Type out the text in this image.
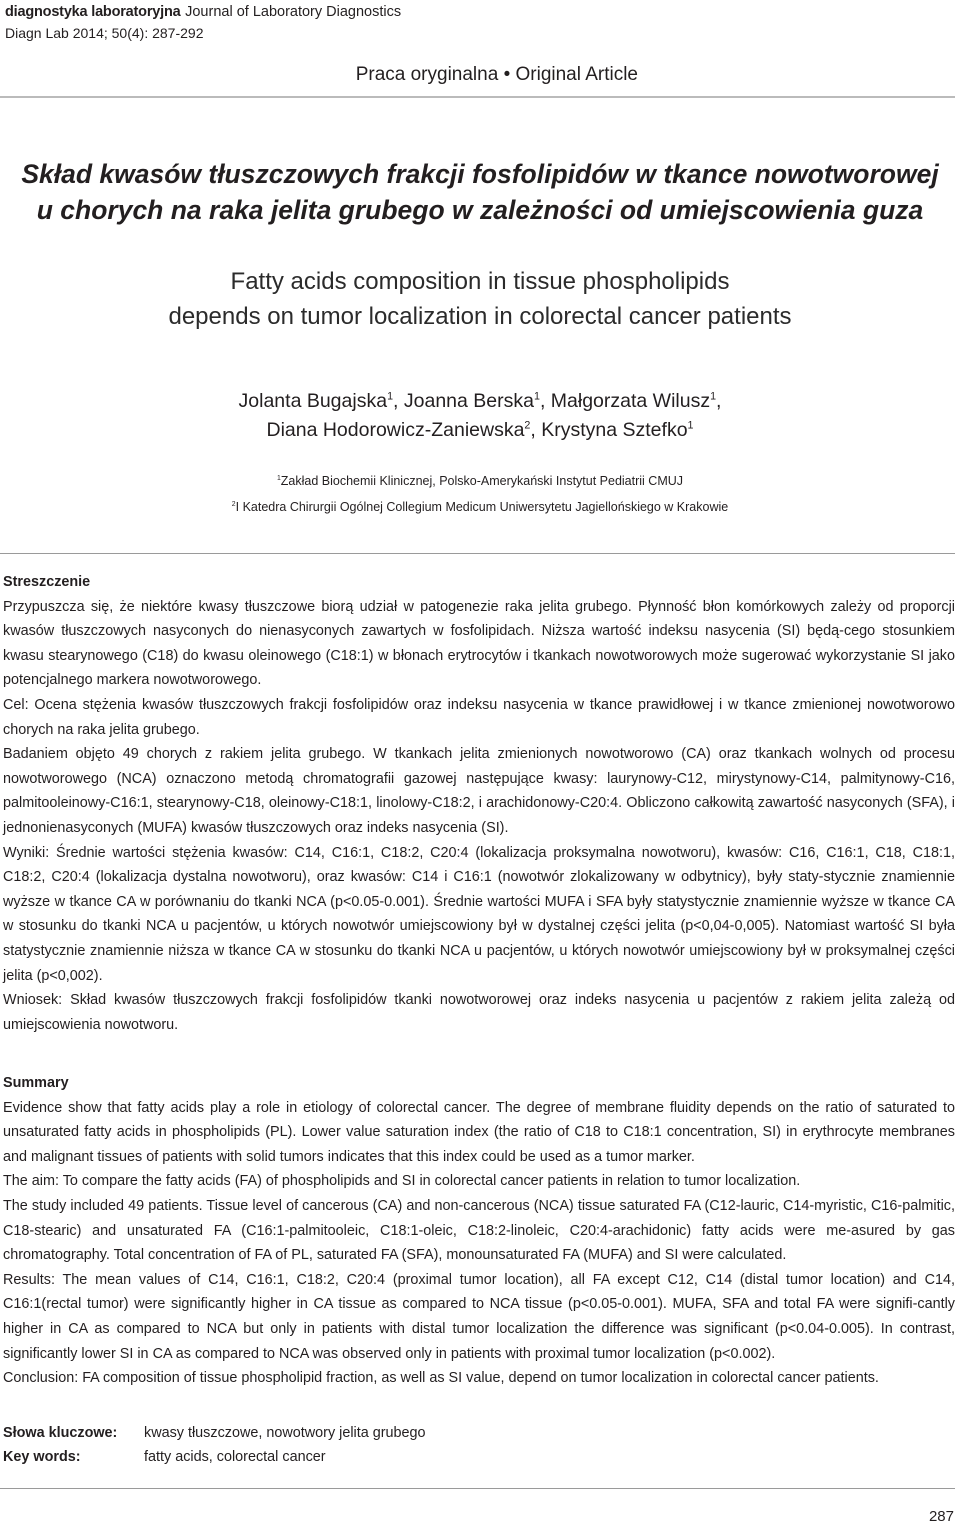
diagnostyka laboratoryjna Journal of Laboratory Diagnostics
Diagn Lab 2014; 50(4): 287-292
Praca oryginalna • Original Article
Skład kwasów tłuszczowych frakcji fosfolipidów w tkance nowotworowej
u chorych na raka jelita grubego w zależności od umiejscowienia guza
Fatty acids composition in tissue phospholipids
depends on tumor localization in colorectal cancer patients
Jolanta Bugajska$^1$, Joanna Berska$^1$, Małgorzata Wilusz$^1$,
Diana Hodorowicz-Zaniewska$^2$, Krystyna Sztefko$^1$
$^1$Zakład Biochemii Klinicznej, Polsko-Amerykański Instytut Pediatrii CMUJ
$^2$I Katedra Chirurgii Ogólnej Collegium Medicum Uniwersytetu Jagiellońskiego w Krakowie
Streszczenie

Przypuszcza się, że niektóre kwasy tłuszczowe biorą udział w patogenezie raka jelita grubego. Płynność błon komórkowych zależy od proporcji kwasów tłuszczowych nasyconych do nienasyconych zawartych w fosfolipidach. Niższa wartość indeksu nasycenia (SI) będą-cego stosunkiem kwasu stearynowego (C18) do kwasu oleinowego (C18:1) w błonach erytrocytów i tkankach nowotworowych może sugerować wykorzystanie SI jako potencjalnego markera nowotworowego.

Cel: Ocena stężenia kwasów tłuszczowych frakcji fosfolipidów oraz indeksu nasycenia w tkance prawidłowej i w tkance zmienionej nowotworowo chorych na raka jelita grubego.

Badaniem objęto 49 chorych z rakiem jelita grubego. W tkankach jelita zmienionych nowotworowo (CA) oraz tkankach wolnych od procesu nowotworowego (NCA) oznaczono metodą chromatografii gazowej następujące kwasy: laurynowy-C12, mirystynowy-C14, palmitynowy-C16, palmitooleinowy-C16:1, stearynowy-C18, oleinowy-C18:1, linolowy-C18:2, i arachidonowy-C20:4. Obliczono całkowitą zawartość nasyconych (SFA), i jednonienasyconych (MUFA) kwasów tłuszczowych oraz indeks nasycenia (SI).

Wyniki: Średnie wartości stężenia kwasów: C14, C16:1, C18:2, C20:4 (lokalizacja proksymalna nowotworu), kwasów: C16, C16:1, C18, C18:1, C18:2, C20:4 (lokalizacja dystalna nowotworu), oraz kwasów: C14 i C16:1 (nowotwór zlokalizowany w odbytnicy), były staty-stycznie znamiennie wyższe w tkance CA w porównaniu do tkanki NCA (p<0.05-0.001). Średnie wartości MUFA i SFA były statystycznie znamiennie wyższe w tkance CA w stosunku do tkanki NCA u pacjentów, u których nowotwór umiejscowiony był w dystalnej części jelita (p<0,04-0,005). Natomiast wartość SI była statystycznie znamiennie niższa w tkance CA w stosunku do tkanki NCA u pacjentów, u których nowotwór umiejscowiony był w proksymalnej części jelita (p<0,002).

Wniosek: Skład kwasów tłuszczowych frakcji fosfolipidów tkanki nowotworowej oraz indeks nasycenia u pacjentów z rakiem jelita zależą od umiejscowienia nowotworu.

Summary

Evidence show that fatty acids play a role in etiology of colorectal cancer. The degree of membrane fluidity depends on the ratio of saturated to unsaturated fatty acids in phospholipids (PL). Lower value saturation index (the ratio of C18 to C18:1 concentration, SI) in erythrocyte membranes and malignant tissues of patients with solid tumors indicates that this index could be used as a tumor marker.

The aim: To compare the fatty acids (FA) of phospholipids and SI in colorectal cancer patients in relation to tumor localization.

The study included 49 patients. Tissue level of cancerous (CA) and non-cancerous (NCA) tissue saturated FA (C12-lauric, C14-myristic, C16-palmitic, C18-stearic) and unsaturated FA (C16:1-palmitooleic, C18:1-oleic, C18:2-linoleic, C20:4-arachidonic) fatty acids were me-asured by gas chromatography. Total concentration of FA of PL, saturated FA (SFA), monounsaturated FA (MUFA) and SI were calculated.

Results: The mean values of C14, C16:1, C18:2, C20:4 (proximal tumor location), all FA except C12, C14 (distal tumor location) and C14, C16:1(rectal tumor) were significantly higher in CA tissue as compared to NCA tissue (p<0.05-0.001). MUFA, SFA and total FA were signifi-cantly higher in CA as compared to NCA but only in patients with distal tumor localization the difference was significant (p<0.04-0.005). In contrast, significantly lower SI in CA as compared to NCA was observed only in patients with proximal tumor localization (p<0.002).

Conclusion: FA composition of tissue phospholipid fraction, as well as SI value, depend on tumor localization in colorectal cancer patients.

Słowa kluczowe:	kwasy tłuszczowe, nowotwory jelita grubego
Key words:	fatty acids, colorectal cancer
287
